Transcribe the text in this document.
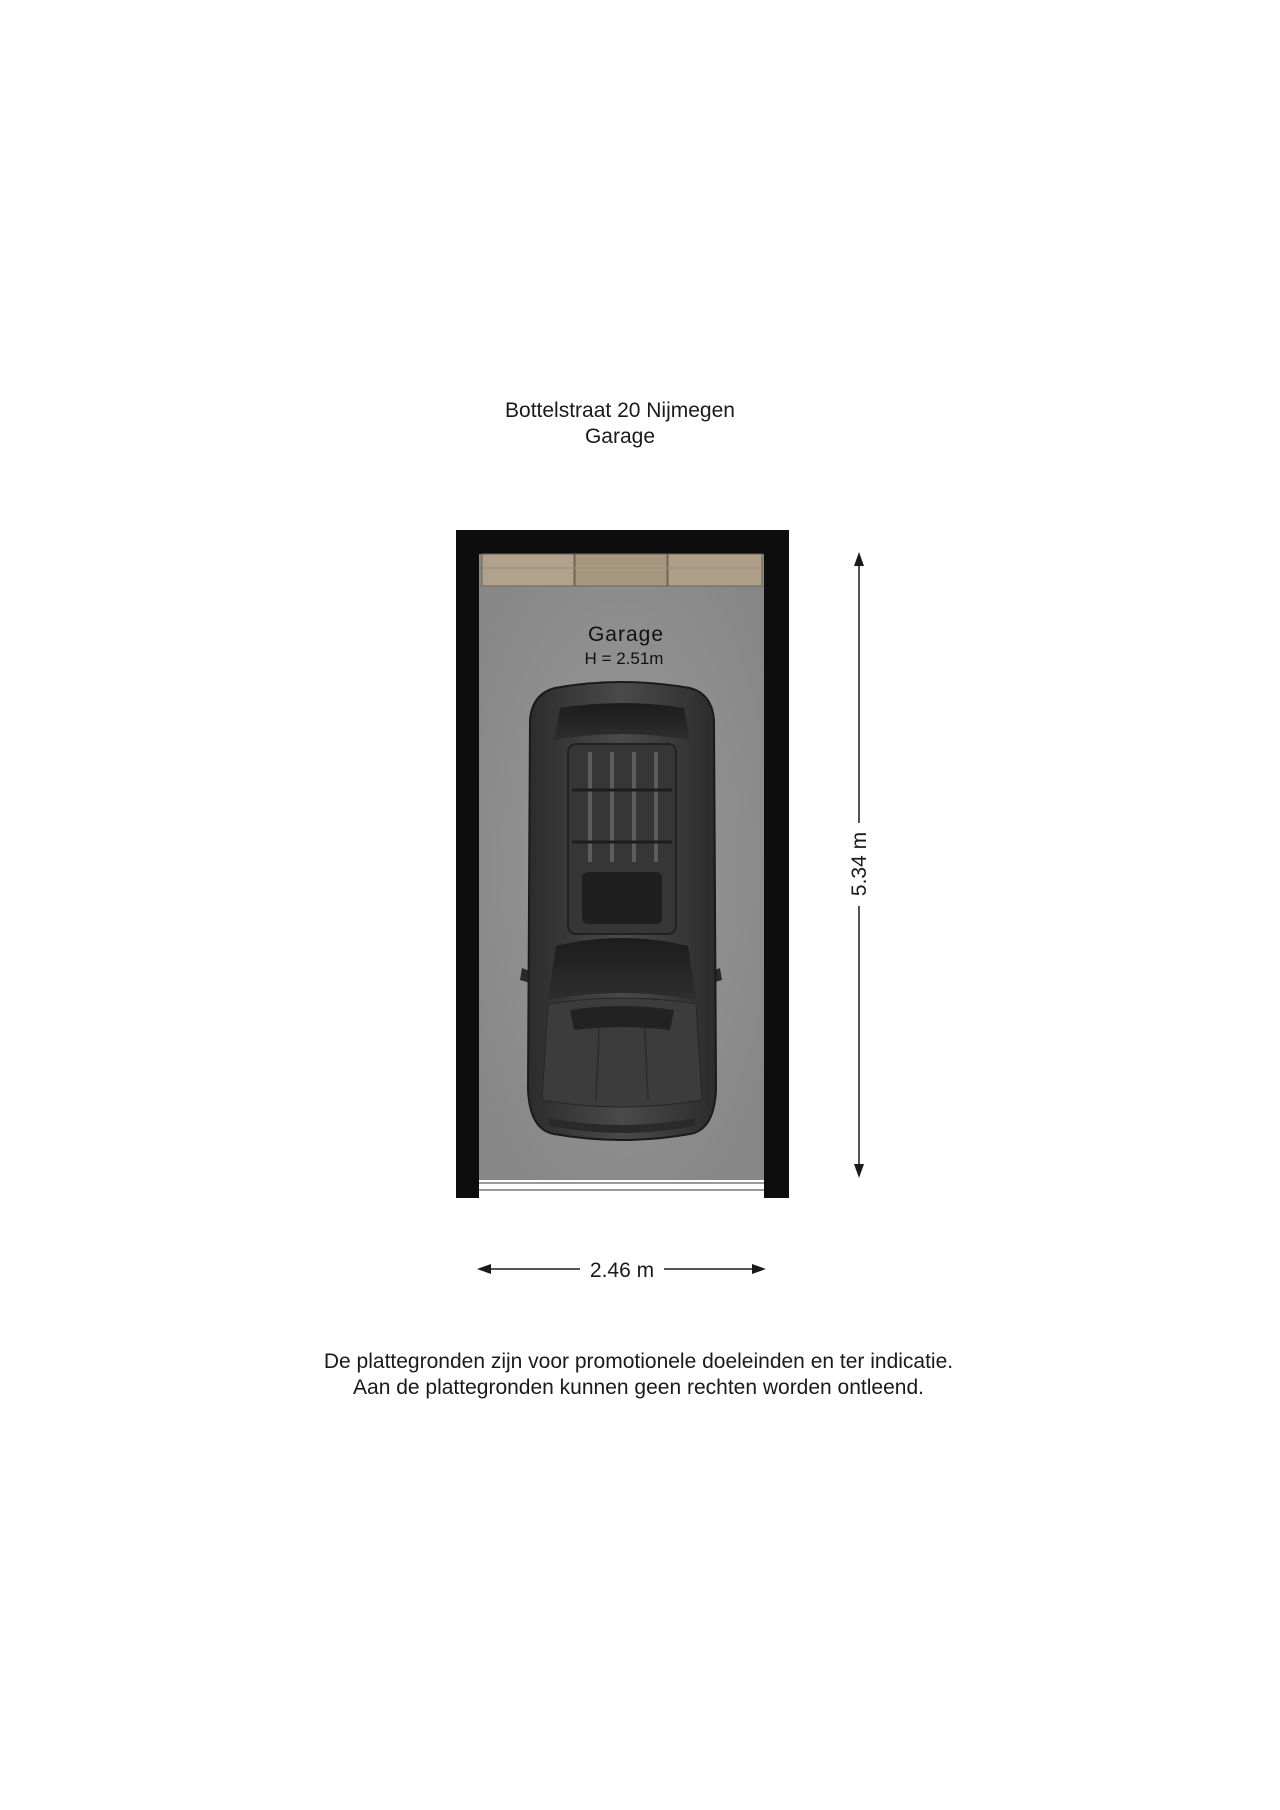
Bottelstraat 20 Nijmegen
Garage
Garage
H = 2.51m
5.34 m
2.46 m
De plattegronden zijn voor promotionele doeleinden en ter indicatie.
Aan de plattegronden kunnen geen rechten worden ontleend.
